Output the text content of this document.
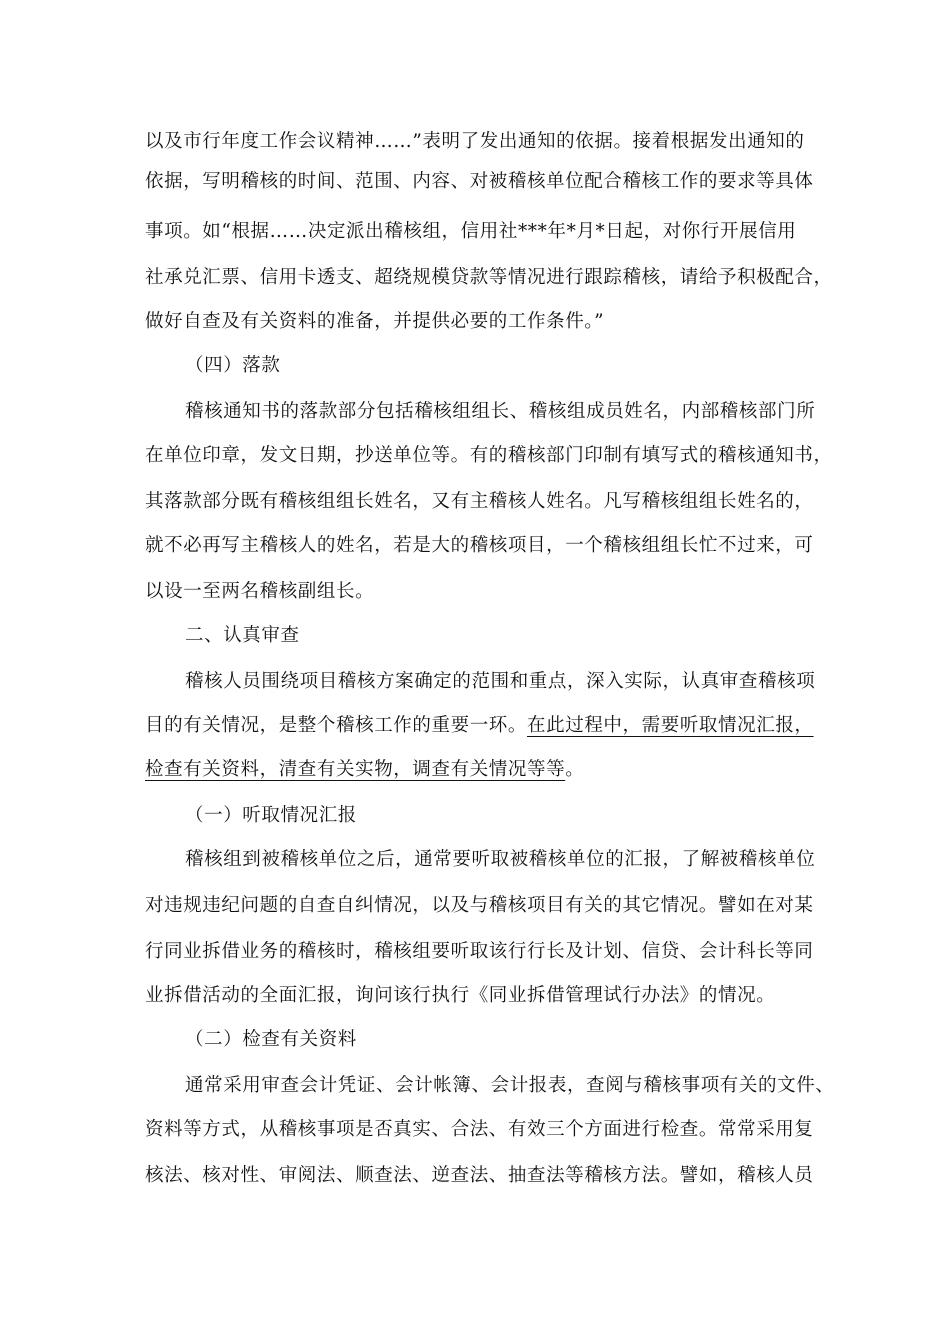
以及市行年度工作会议精神……”表明了发出通知的依据。接着根据发出通知的
依据，写明稽核的时间、范围、内容、对被稽核单位配合稽核工作的要求等具体
事项。如“根据……决定派出稽核组，信用社***年*月*日起，对你行开展信用
社承兑汇票、信用卡透支、超绕规模贷款等情况进行跟踪稽核，请给予积极配合，
做好自查及有关资料的准备，并提供必要的工作条件。”
（四）落款
稽核通知书的落款部分包括稽核组组长、稽核组成员姓名，内部稽核部门所
在单位印章，发文日期，抄送单位等。有的稽核部门印制有填写式的稽核通知书，
其落款部分既有稽核组组长姓名，又有主稽核人姓名。凡写稽核组组长姓名的，
就不必再写主稽核人的姓名，若是大的稽核项目，一个稽核组组长忙不过来，可
以设一至两名稽核副组长。
二、认真审查
稽核人员围绕项目稽核方案确定的范围和重点，深入实际，认真审查稽核项
目的有关情况，是整个稽核工作的重要一环。在此过程中，需要听取情况汇报，
检查有关资料，清查有关实物，调查有关情况等等。
（一）听取情况汇报
稽核组到被稽核单位之后，通常要听取被稽核单位的汇报，了解被稽核单位
对违规违纪问题的自查自纠情况，以及与稽核项目有关的其它情况。譬如在对某
行同业拆借业务的稽核时，稽核组要听取该行行长及计划、信贷、会计科长等同
业拆借活动的全面汇报，询问该行执行《同业拆借管理试行办法》的情况。
（二）检查有关资料
通常采用审查会计凭证、会计帐簿、会计报表，查阅与稽核事项有关的文件、
资料等方式，从稽核事项是否真实、合法、有效三个方面进行检查。常常采用复
核法、核对性、审阅法、顺查法、逆查法、抽查法等稽核方法。譬如，稽核人员
